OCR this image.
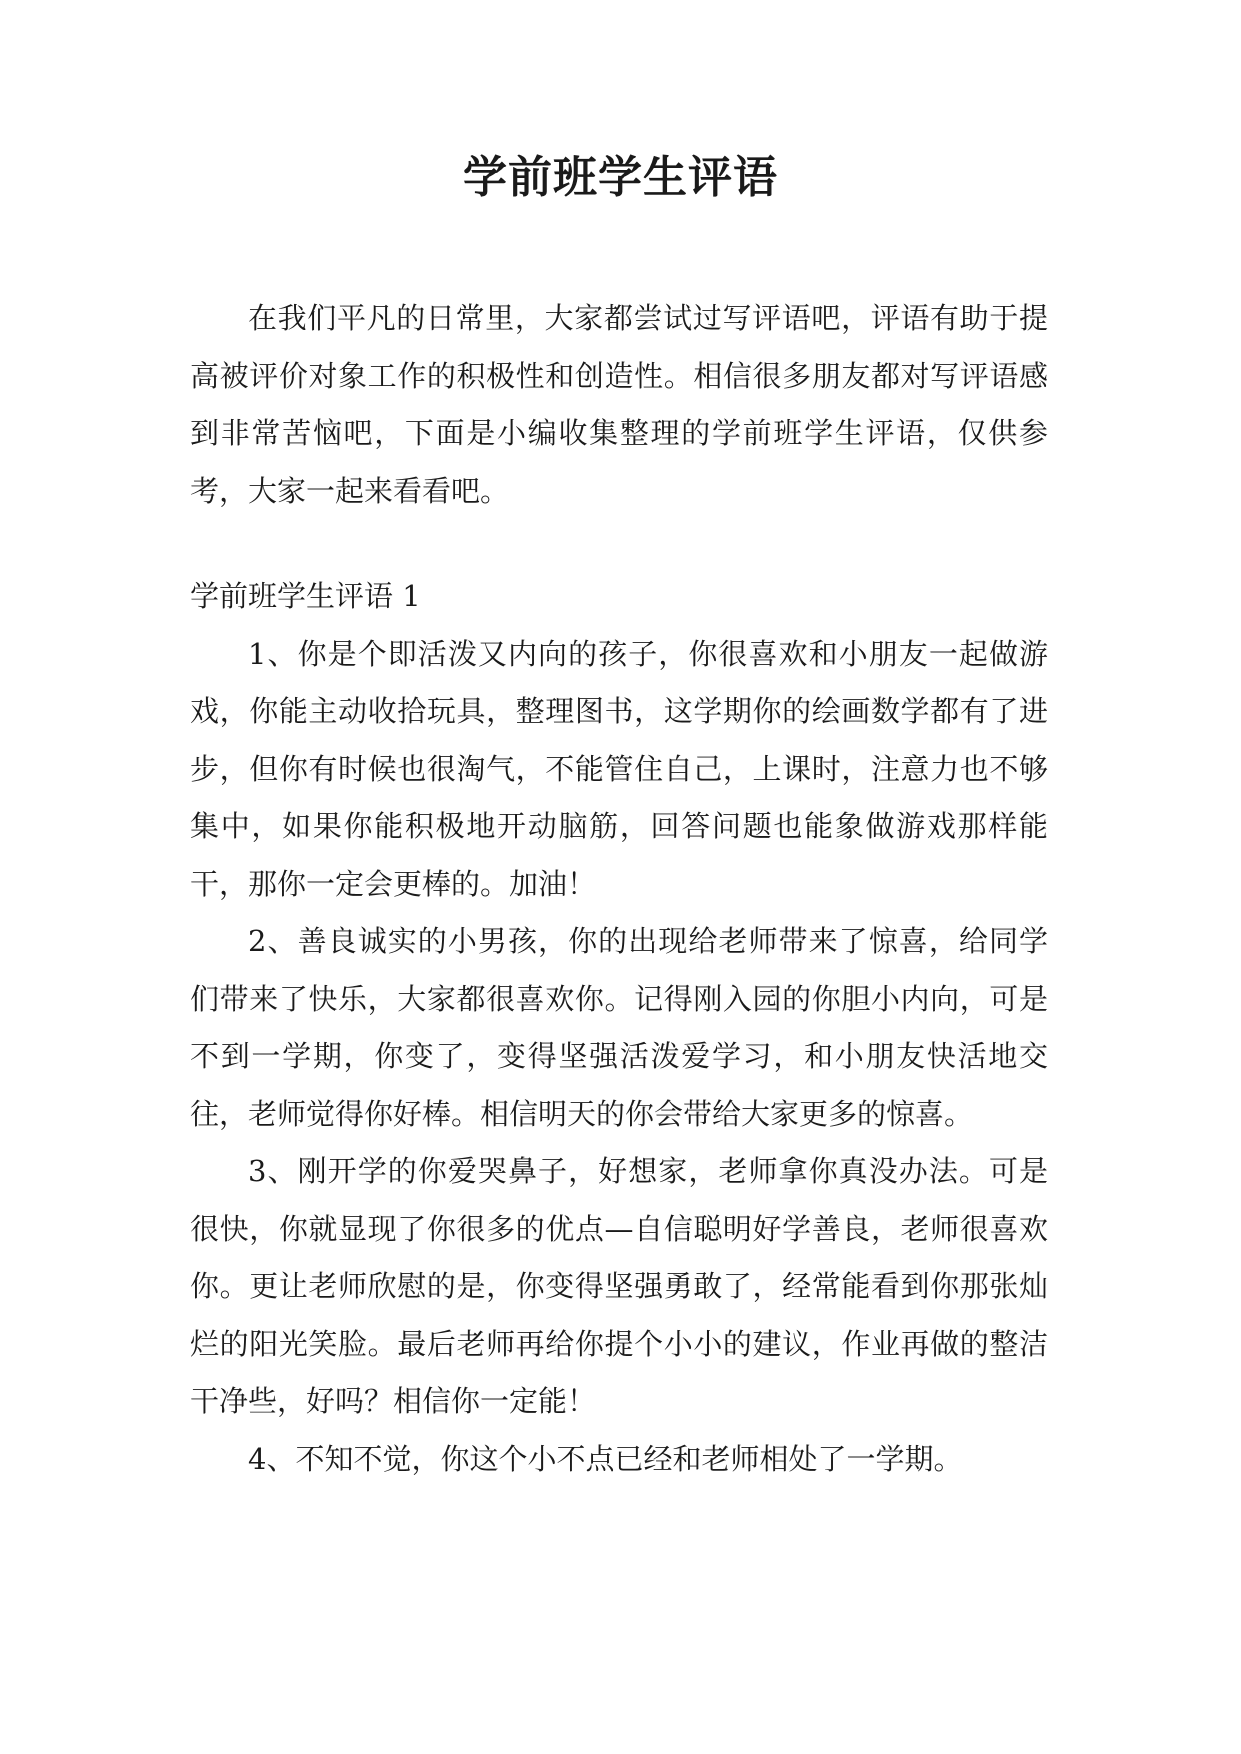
学前班学生评语

在我们平凡的日常里，大家都尝试过写评语吧，评语有助于提高被评价对象工作的积极性和创造性。相信很多朋友都对写评语感到非常苦恼吧，下面是小编收集整理的学前班学生评语，仅供参考，大家一起来看看吧。

学前班学生评语 1

1、你是个即活泼又内向的孩子，你很喜欢和小朋友一起做游戏，你能主动收拾玩具，整理图书，这学期你的绘画数学都有了进步，但你有时候也很淘气，不能管住自己，上课时，注意力也不够集中，如果你能积极地开动脑筋，回答问题也能象做游戏那样能干，那你一定会更棒的。加油！

2、善良诚实的小男孩，你的出现给老师带来了惊喜，给同学们带来了快乐，大家都很喜欢你。记得刚入园的你胆小内向，可是不到一学期，你变了，变得坚强活泼爱学习，和小朋友快活地交往，老师觉得你好棒。相信明天的你会带给大家更多的惊喜。

3、刚开学的你爱哭鼻子，好想家，老师拿你真没办法。可是很快，你就显现了你很多的优点—自信聪明好学善良，老师很喜欢你。更让老师欣慰的是，你变得坚强勇敢了，经常能看到你那张灿烂的阳光笑脸。最后老师再给你提个小小的建议，作业再做的整洁干净些，好吗？相信你一定能！

4、不知不觉，你这个小不点已经和老师相处了一学期。
